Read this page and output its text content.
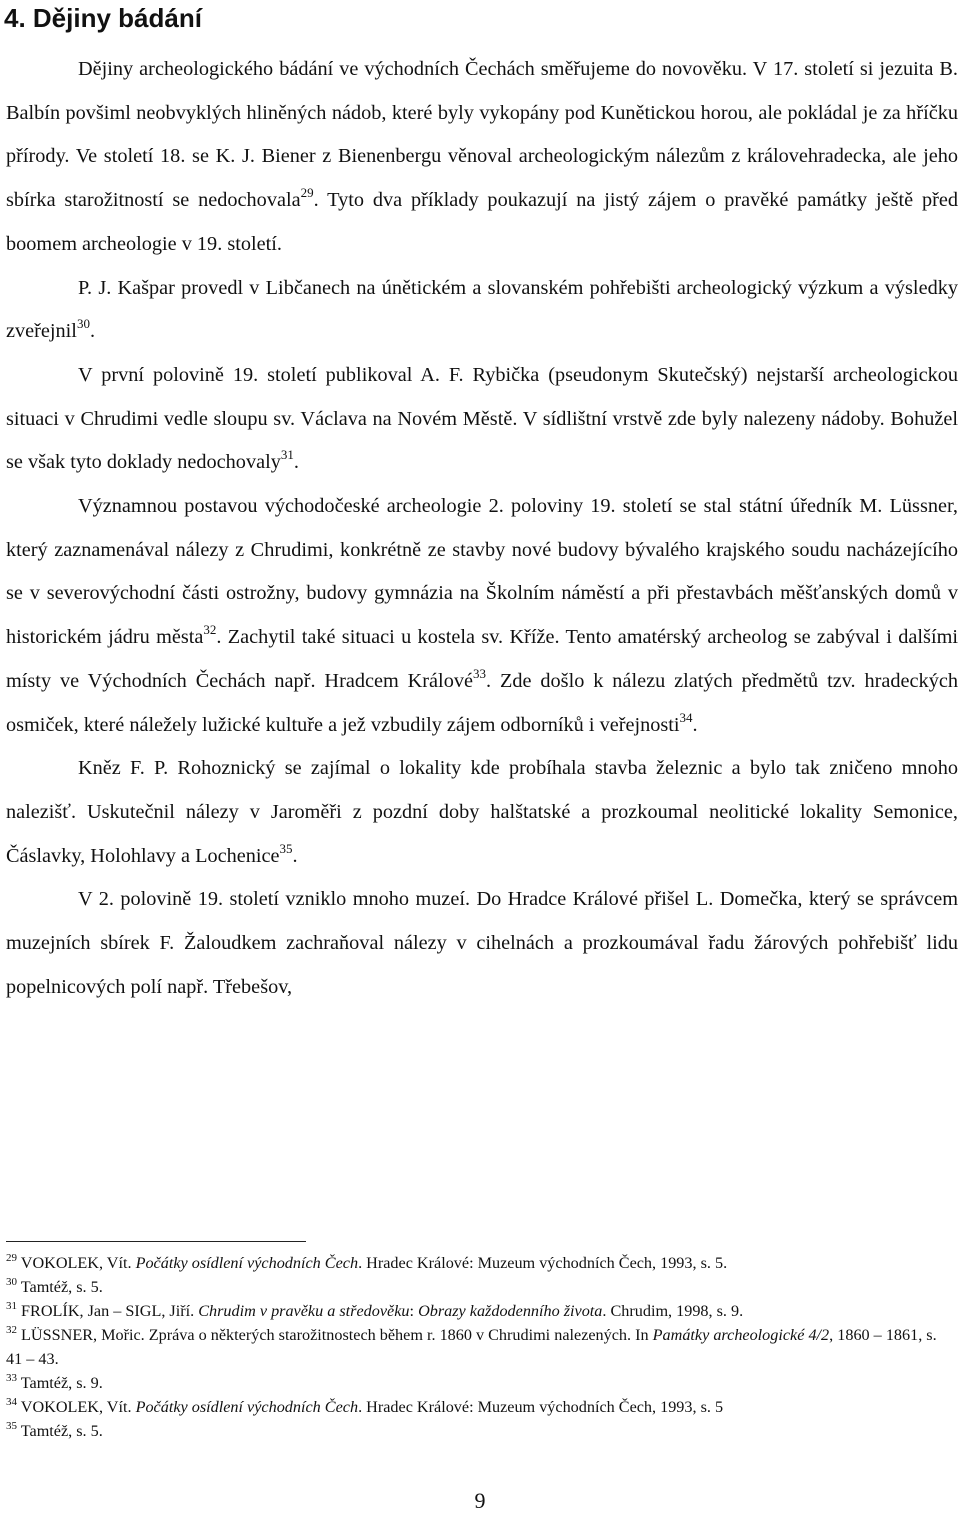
4. Dějiny bádání

Dějiny archeologického bádání ve východních Čechách směřujeme do novověku. V 17. století si jezuita B. Balbín povšiml neobvyklých hliněných nádob, které byly vykopány pod Kunětickou horou, ale pokládal je za hříčku přírody. Ve století 18. se K. J. Biener z Bienenbergu věnoval archeologickým nálezům z královehradecka, ale jeho sbírka starožitností se nedochovala$^{29}$. Tyto dva příklady poukazují na jistý zájem o pravěké památky ještě před boomem archeologie v 19. století.

P. J. Kašpar provedl v Libčanech na únětickém a slovanském pohřebišti archeologický výzkum a výsledky zveřejnil$^{30}$.

V první polovině 19. století publikoval A. F. Rybička (pseudonym Skutečský) nejstarší archeologickou situaci v Chrudimi vedle sloupu sv. Václava na Novém Městě. V sídlištní vrstvě zde byly nalezeny nádoby. Bohužel se však tyto doklady nedochovaly$^{31}$.

Významnou postavou východočeské archeologie 2. poloviny 19. století se stal státní úředník M. Lüssner, který zaznamenával nálezy z Chrudimi, konkrétně ze stavby nové budovy bývalého krajského soudu nacházejícího se v severovýchodní části ostrožny, budovy gymnázia na Školním náměstí a při přestavbách měšťanských domů v historickém jádru města$^{32}$. Zachytil také situaci u kostela sv. Kříže. Tento amatérský archeolog se zabýval i dalšími místy ve Východních Čechách např. Hradcem Králové$^{33}$. Zde došlo k nálezu zlatých předmětů tzv. hradeckých osmiček, které náležely lužické kultuře a jež vzbudily zájem odborníků i veřejnosti$^{34}$.

Kněz F. P. Rohoznický se zajímal o lokality kde probíhala stavba železnic a bylo tak zničeno mnoho nalezišť. Uskutečnil nálezy v Jaroměři z pozdní doby halštatské a prozkoumal neolitické lokality Semonice, Čáslavky, Holohlavy a Lochenice$^{35}$.

V 2. polovině 19. století vzniklo mnoho muzeí. Do Hradce Králové přišel L. Domečka, který se správcem muzejních sbírek F. Žaloudkem zachraňoval nálezy v cihelnách a prozkoumával řadu žárových pohřebišť lidu popelnicových polí např. Třebešov,

$^{29}$ VOKOLEK, Vít. Počátky osídlení východních Čech. Hradec Králové: Muzeum východních Čech, 1993, s. 5.

$^{30}$ Tamtéž, s. 5.

$^{31}$ FROLÍK, Jan – SIGL, Jiří. Chrudim v pravěku a středověku: Obrazy každodenního života. Chrudim, 1998, s. 9.

$^{32}$ LÜSSNER, Mořic. Zpráva o některých starožitnostech během r. 1860 v Chrudimi nalezených. In Památky archeologické 4/2, 1860 – 1861, s. 41 – 43.

$^{33}$ Tamtéž, s. 9.

$^{34}$ VOKOLEK, Vít. Počátky osídlení východních Čech. Hradec Králové: Muzeum východních Čech, 1993, s. 5

$^{35}$ Tamtéž, s. 5.

9
